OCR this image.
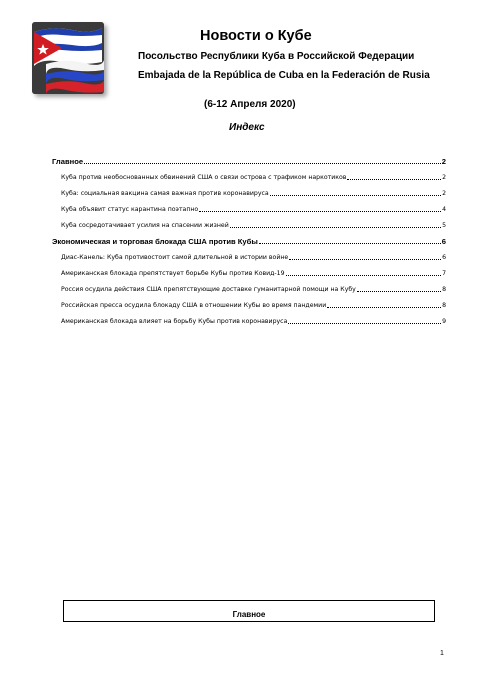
Новости о Кубе
Посольство Республики Куба в Российской Федерации
Embajada de la República de Cuba en la Federación de Rusia
(6-12 Апреля 2020)
Индекс
Главное	2
Куба против необоснованных обвинений США о связи острова с трафиком наркотиков	2
Куба: социальная вакцина самая важная против коронавируса	2
Куба объявит статус карантина поэтапно	4
Куба сосредотачивает усилия на спасении жизней	5
Экономическая и торговая блокада США против Кубы	6
Диас-Канель: Куба противостоит самой длительной в истории войне	6
Американская блокада препятствует борьбе Кубы против Ковид-19	7
Россия осудила действия США препятствующие доставке гуманитарной помощи на Кубу	8
Российская пресса осудила блокаду США в отношении Кубы во время пандемии	8
Американская блокада влияет на борьбу Кубы против коронавируса	9
Главное
1
